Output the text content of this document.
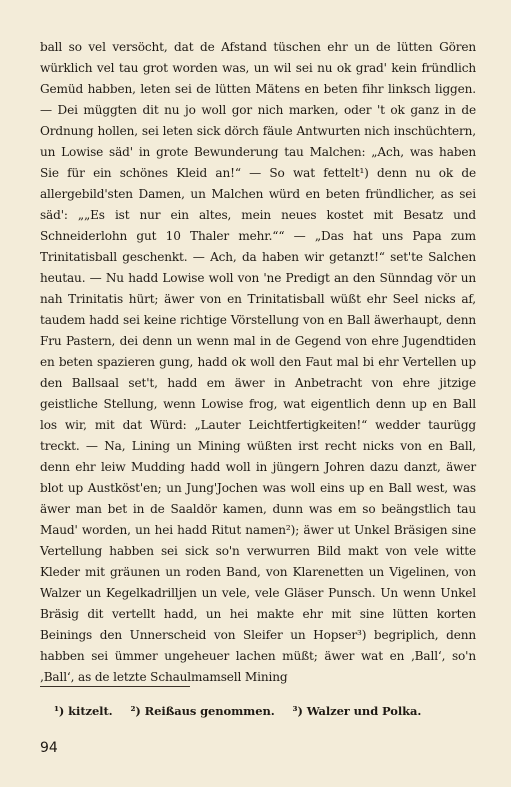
ball so vel versöcht, dat de Afstand tüschen ehr un de lütten Gören würklich vel tau grot worden was, un wil sei nu ok grad' kein fründlich Gemüd habben, leten sei de lütten Mätens en beten fihr linksch liggen. — Dei müggten dit nu jo woll gor nich marken, oder 't ok ganz in de Ordnung hollen, sei leten sick dörch fäule Antwurten nich inschüchtern, un Lowise säd' in grote Bewunderung tau Malchen: „Ach, was haben Sie für ein schönes Kleid an!“ — So wat fettelt¹) denn nu ok de allergebild'sten Damen, un Malchen würd en beten fründlicher, as sei säd': „„Es ist nur ein altes, mein neues kostet mit Besatz und Schneiderlohn gut 10 Thaler mehr.““ — „Das hat uns Papa zum Trinitatisball geschenkt. — Ach, da haben wir getanzt!“ set'te Salchen heutau. — Nu hadd Lowise woll von 'ne Predigt an den Sünndag vör un nah Trinitatis hürt; äwer von en Trinitatisball wüßt ehr Seel nicks af, taudem hadd sei keine richtige Vörstellung von en Ball äwerhaupt, denn Fru Pastern, dei denn un wenn mal in de Gegend von ehre Jugendtiden en beten spazieren gung, hadd ok woll den Faut mal bi ehr Vertellen up den Ballsaal set't, hadd em äwer in Anbetracht von ehre jitzige geistliche Stellung, wenn Lowise frog, wat eigentlich denn up en Ball los wir, mit dat Würd: „Lauter Leichtfertigkeiten!“ wedder taurügg treckt. — Na, Lining un Mining wüßten irst recht nicks von en Ball, denn ehr leiw Mudding hadd woll in jüngern Johren dazu danzt, äwer blot up Austköst'en; un Jung'Jochen was woll eins up en Ball west, was äwer man bet in de Saaldör kamen, dunn was em so beängstlich tau Maud' worden, un hei hadd Ritut namen²); äwer ut Unkel Bräsigen sine Vertellung habben sei sick so'n verwurren Bild makt von vele witte Kleder mit gräunen un roden Band, von Klarenetten un Vigelinen, von Walzer un Kegelkadrilljen un vele, vele Gläser Punsch. Un wenn Unkel Bräsig dit vertellt hadd, un hei makte ehr mit sine lütten korten Beinings den Unnerscheid von Sleifer un Hopser³) begriplich, denn habben sei ümmer ungeheuer lachen müßt; äwer wat en ‚Ball‘, so'n ‚Ball‘, as de letzte Schaulmamsell Mining
¹) kitzelt. ²) Reißaus genommen. ³) Walzer und Polka.
94
